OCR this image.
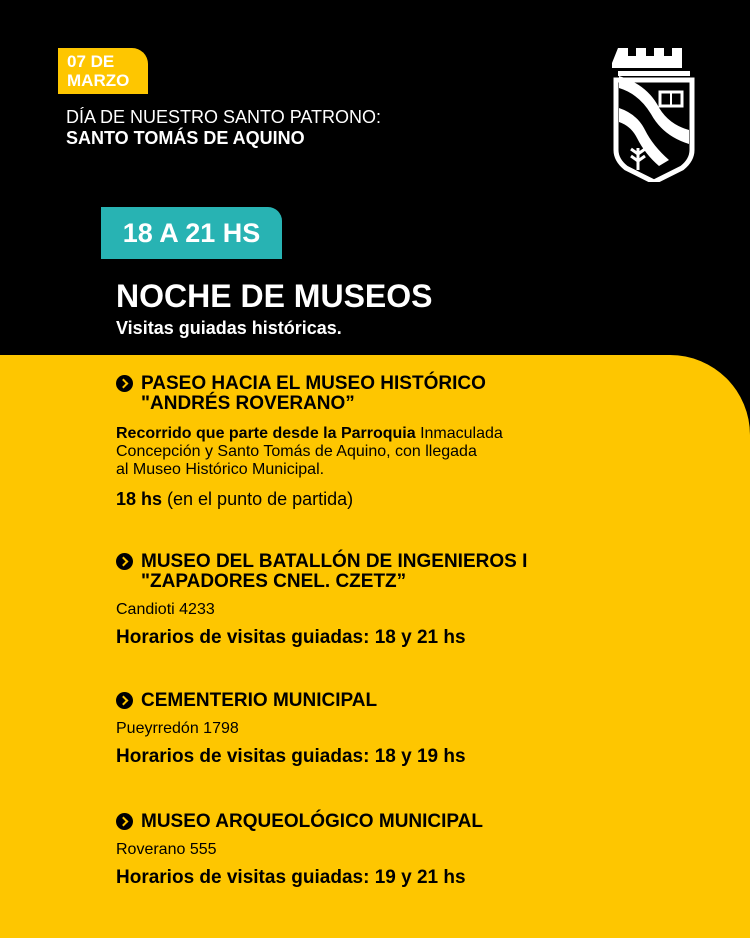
07 DE
MARZO
DÍA DE NUESTRO SANTO PATRONO:
SANTO TOMÁS DE AQUINO
18 A 21 HS
NOCHE DE MUSEOS
Visitas guiadas históricas.
PASEO HACIA EL MUSEO HISTÓRICO
"ANDRÉS ROVERANO”
Recorrido que parte desde la Parroquia Inmaculada
Concepción y Santo Tomás de Aquino, con llegada
al Museo Histórico Municipal.
18 hs (en el punto de partida)
MUSEO DEL BATALLÓN DE INGENIEROS I
"ZAPADORES CNEL. CZETZ”
Candioti 4233
Horarios de visitas guiadas: 18 y 21 hs
CEMENTERIO MUNICIPAL
Pueyrredón 1798
Horarios de visitas guiadas: 18 y 19 hs
MUSEO ARQUEOLÓGICO MUNICIPAL
Roverano 555
Horarios de visitas guiadas: 19 y 21 hs
